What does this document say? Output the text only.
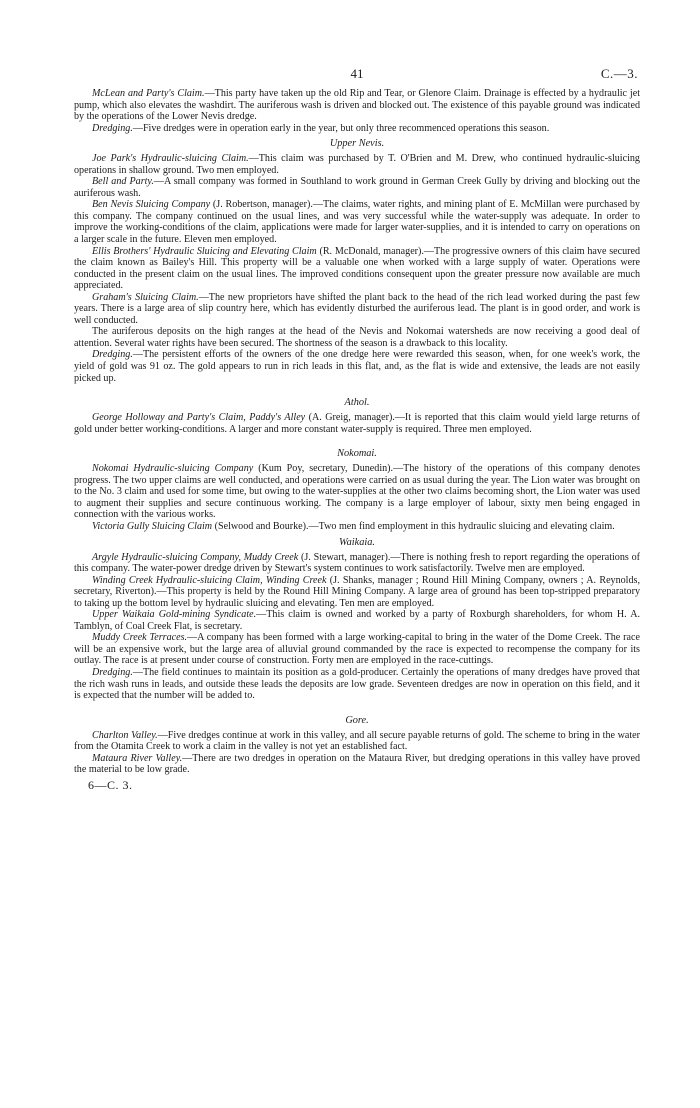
41	C.—3.

McLean and Party's Claim.—This party have taken up the old Rip and Tear, or Glenore Claim. Drainage is effected by a hydraulic jet pump, which also elevates the washdirt. The auriferous wash is driven and blocked out. The existence of this payable ground was indicated by the operations of the Lower Nevis dredge.

Dredging.—Five dredges were in operation early in the year, but only three recommenced operations this season.

Upper Nevis.

Joe Park's Hydraulic-sluicing Claim.—This claim was purchased by T. O'Brien and M. Drew, who continued hydraulic-sluicing operations in shallow ground. Two men employed.

Bell and Party.—A small company was formed in Southland to work ground in German Creek Gully by driving and blocking out the auriferous wash.

Ben Nevis Sluicing Company (J. Robertson, manager).—The claims, water rights, and mining plant of E. McMillan were purchased by this company. The company continued on the usual lines, and was very successful while the water-supply was adequate. In order to improve the working-conditions of the claim, applications were made for larger water-supplies, and it is intended to carry on operations on a larger scale in the future. Eleven men employed.

Ellis Brothers' Hydraulic Sluicing and Elevating Claim (R. McDonald, manager).—The progressive owners of this claim have secured the claim known as Bailey's Hill. This property will be a valuable one when worked with a large supply of water. Operations were conducted in the present claim on the usual lines. The improved conditions consequent upon the greater pressure now available are much appreciated.

Graham's Sluicing Claim.—The new proprietors have shifted the plant back to the head of the rich lead worked during the past few years. There is a large area of slip country here, which has evidently disturbed the auriferous lead. The plant is in good order, and work is well conducted.

The auriferous deposits on the high ranges at the head of the Nevis and Nokomai watersheds are now receiving a good deal of attention. Several water rights have been secured. The shortness of the season is a drawback to this locality.

Dredging.—The persistent efforts of the owners of the one dredge here were rewarded this season, when, for one week's work, the yield of gold was 91 oz. The gold appears to run in rich leads in this flat, and, as the flat is wide and extensive, the leads are not easily picked up.

Athol.

George Holloway and Party's Claim, Paddy's Alley (A. Greig, manager).—It is reported that this claim would yield large returns of gold under better working-conditions. A larger and more constant water-supply is required. Three men employed.

Nokomai.

Nokomai Hydraulic-sluicing Company (Kum Poy, secretary, Dunedin).—The history of the operations of this company denotes progress. The two upper claims are well conducted, and operations were carried on as usual during the year. The Lion water was brought on to the No. 3 claim and used for some time, but owing to the water-supplies at the other two claims becoming short, the Lion water was used to augment their supplies and secure continuous working. The company is a large employer of labour, sixty men being engaged in connection with the various works.

Victoria Gully Sluicing Claim (Selwood and Bourke).—Two men find employment in this hydraulic sluicing and elevating claim.

Waikaia.

Argyle Hydraulic-sluicing Company, Muddy Creek (J. Stewart, manager).—There is nothing fresh to report regarding the operations of this company. The water-power dredge driven by Stewart's system continues to work satisfactorily. Twelve men are employed.

Winding Creek Hydraulic-sluicing Claim, Winding Creek (J. Shanks, manager ; Round Hill Mining Company, owners ; A. Reynolds, secretary, Riverton).—This property is held by the Round Hill Mining Company. A large area of ground has been top-stripped preparatory to taking up the bottom level by hydraulic sluicing and elevating. Ten men are employed.

Upper Waikaia Gold-mining Syndicate.—This claim is owned and worked by a party of Roxburgh shareholders, for whom H. A. Tamblyn, of Coal Creek Flat, is secretary.

Muddy Creek Terraces.—A company has been formed with a large working-capital to bring in the water of the Dome Creek. The race will be an expensive work, but the large area of alluvial ground commanded by the race is expected to recompense the company for its outlay. The race is at present under course of construction. Forty men are employed in the race-cuttings.

Dredging.—The field continues to maintain its position as a gold-producer. Certainly the operations of many dredges have proved that the rich wash runs in leads, and outside these leads the deposits are low grade. Seventeen dredges are now in operation on this field, and it is expected that the number will be added to.

Gore.

Charlton Valley.—Five dredges continue at work in this valley, and all secure payable returns of gold. The scheme to bring in the water from the Otamita Creek to work a claim in the valley is not yet an established fact.

Mataura River Valley.—There are two dredges in operation on the Mataura River, but dredging operations in this valley have proved the material to be low grade.

6—C. 3.
